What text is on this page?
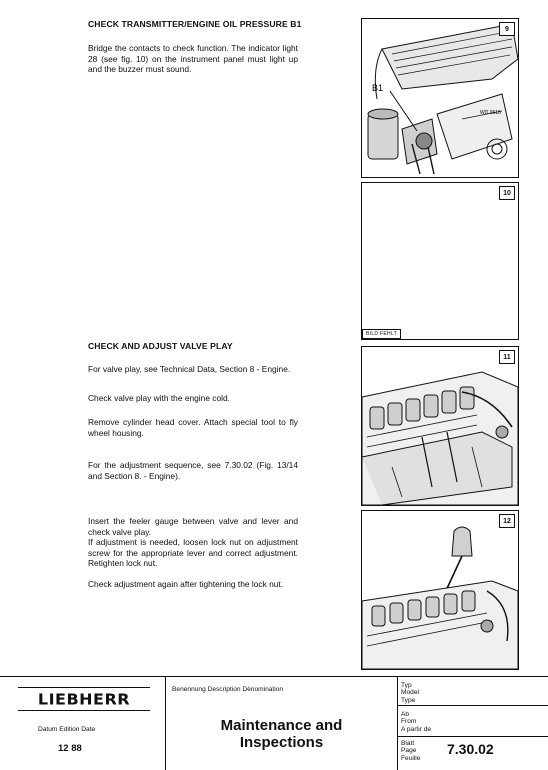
CHECK TRANSMITTER/ENGINE OIL PRESSURE B1
Bridge the contacts to check function. The indicator light 28 (see fig. 10) on the instrument panel must light up and the buzzer must sound.
CHECK AND ADJUST VALVE PLAY
For valve play, see Technical Data, Section 8 - Engine.
Check valve play with the engine cold.
Remove cylinder head cover. Attach special tool to fly wheel housing.
For the adjustment sequence, see 7.30.02 (Fig. 13/14 and Section 8. - Engine).
Insert the feeler gauge between valve and lever and check valve play.
If adjustment is needed, loosen lock nut on adjustment screw for the appropriate lever and correct adjustment. Retighten lock nut.
Check adjustment again after tightening the lock nut.
B1
WD.0616
9
10
BILD FEHLT
11
12
LIEBHERR
Datum Edition Date
12 88
Benennung Description Dènomination
Maintenance and
Inspections
Typ
Model
Type
Ab
From
A partir de
Blatt
Page
Feuille
7.30.02
